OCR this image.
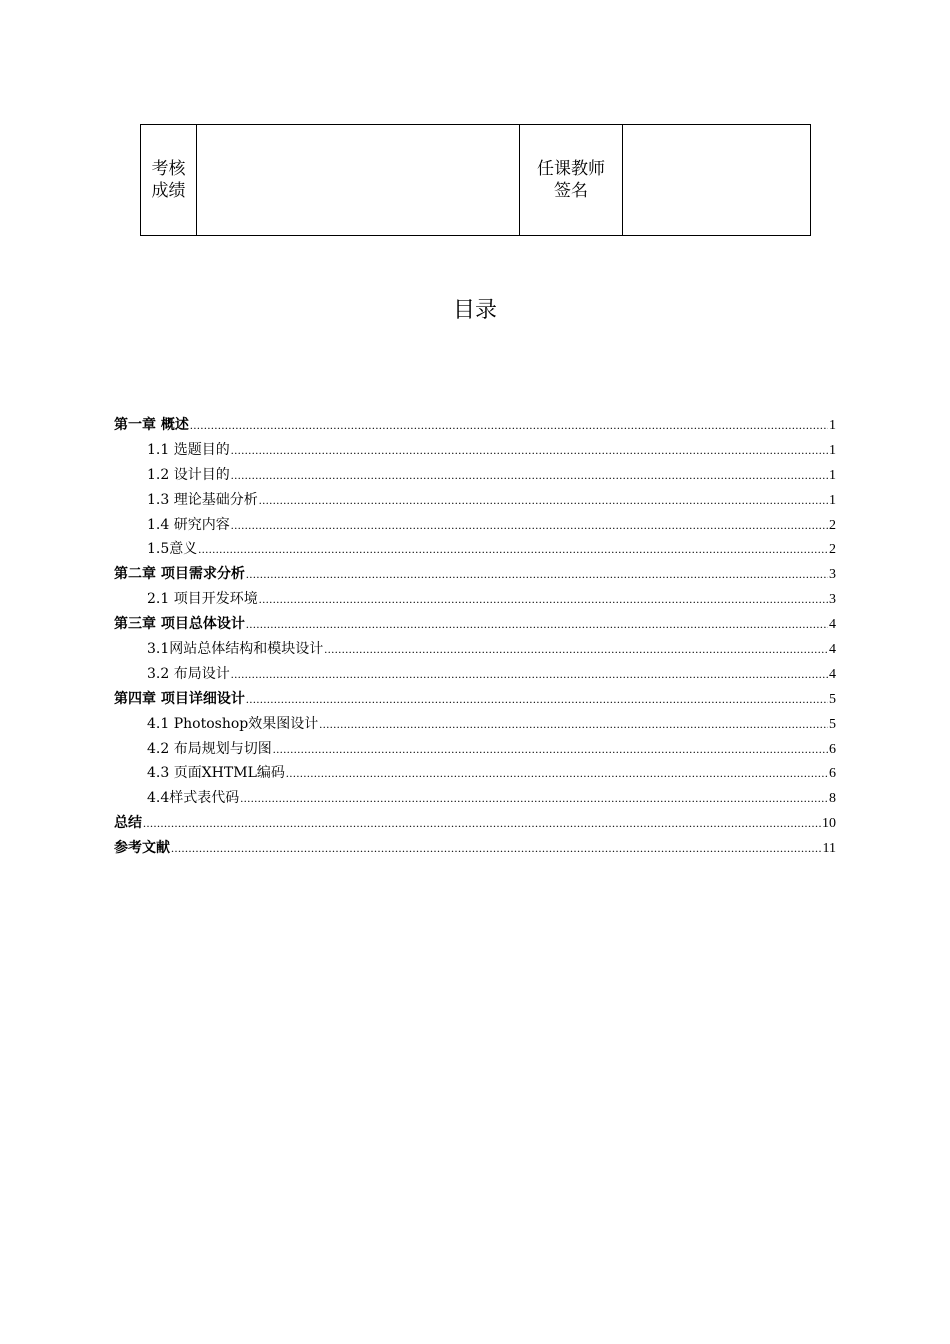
考核
成绩

任课教师
签名

目录
第一章 概述 .....	1
1.1 选题目的 .....	1
1.2 设计目的 .....	1
1.3 理论基础分析 .....	1
1.4 研究内容 .....	2
1.5意义 .....	2
第二章 项目需求分析 .....	3
2.1 项目开发环境 .....	3
第三章 项目总体设计 .....	4
3.1网站总体结构和模块设计 .....	4
3.2 布局设计 .....	4
第四章 项目详细设计 .....	5
4.1 Photoshop效果图设计 .....	5
4.2 布局规划与切图 .....	6
4.3 页面XHTML编码 .....	6
4.4样式表代码 .....	8
总结 .....	10
参考文献 .....	11
